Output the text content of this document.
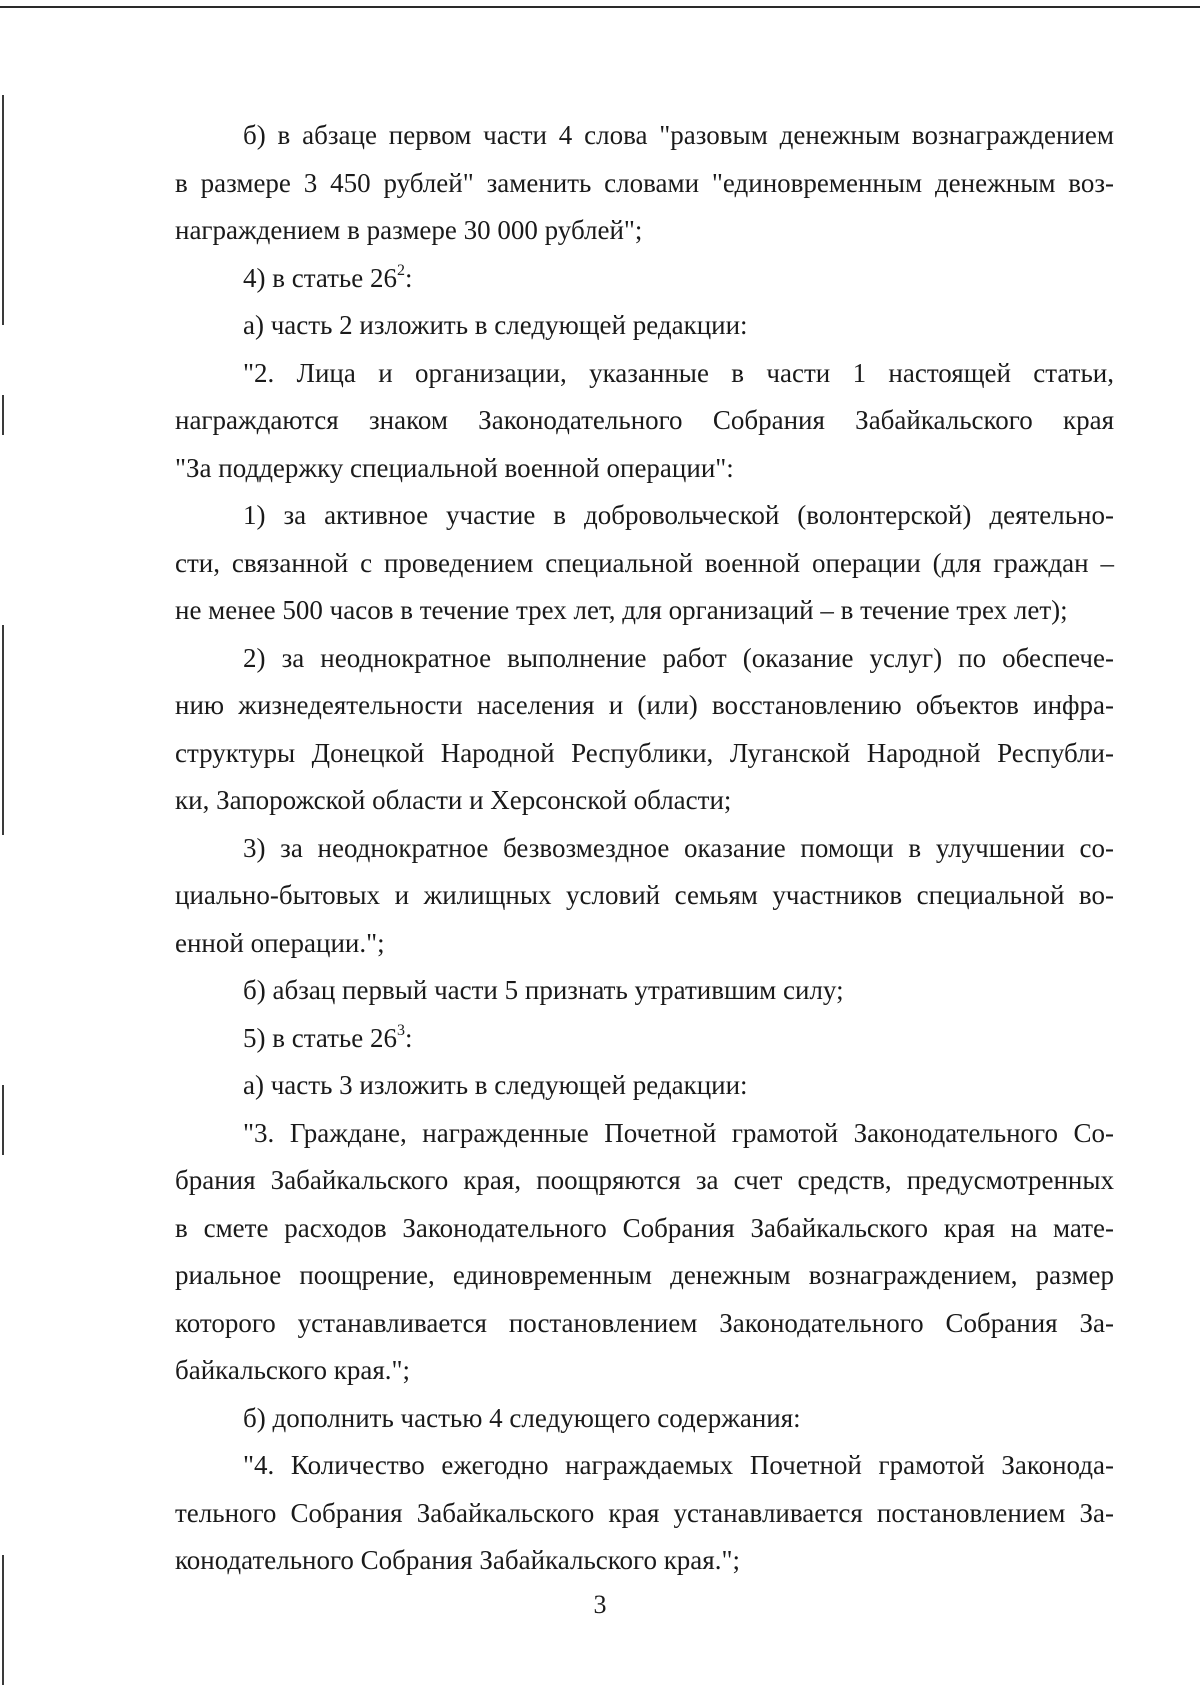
б) в абзаце первом части 4 слова "разовым денежным вознаграждением
в размере 3 450 рублей" заменить словами "единовременным денежным воз-
награждением в размере 30 000 рублей";

4) в статье $26^2$:

а) часть 2 изложить в следующей редакции:

"2. Лица и организации, указанные в части 1 настоящей статьи,
награждаются знаком Законодательного Собрания Забайкальского края
"За поддержку специальной военной операции":

1) за активное участие в добровольческой (волонтерской) деятельно-
сти, связанной с проведением специальной военной операции (для граждан –
не менее 500 часов в течение трех лет, для организаций – в течение трех лет);

2) за неоднократное выполнение работ (оказание услуг) по обеспече-
нию жизнедеятельности населения и (или) восстановлению объектов инфра-
структуры Донецкой Народной Республики, Луганской Народной Республи-
ки, Запорожской области и Херсонской области;

3) за неоднократное безвозмездное оказание помощи в улучшении со-
циально-бытовых и жилищных условий семьям участников специальной во-
енной операции.";

б) абзац первый части 5 признать утратившим силу;

5) в статье $26^3$:

а) часть 3 изложить в следующей редакции:

"3. Граждане, награжденные Почетной грамотой Законодательного Со-
брания Забайкальского края, поощряются за счет средств, предусмотренных
в смете расходов Законодательного Собрания Забайкальского края на мате-
риальное поощрение, единовременным денежным вознаграждением, размер
которого устанавливается постановлением Законодательного Собрания За-
байкальского края.";

б) дополнить частью 4 следующего содержания:

"4. Количество ежегодно награждаемых Почетной грамотой Законода-
тельного Собрания Забайкальского края устанавливается постановлением За-
конодательного Собрания Забайкальского края.";

3
